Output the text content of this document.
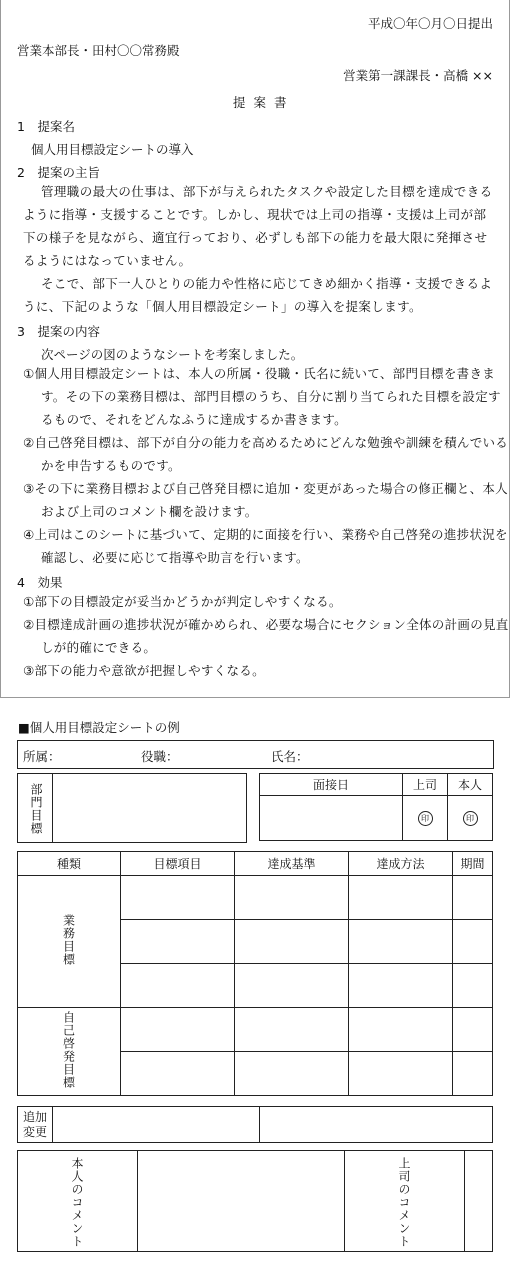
平成〇年〇月〇日提出
営業本部長・田村〇〇常務殿
営業第一課課長・高橋 ××
提 案 書
1　提案名
個人用目標設定シートの導入
2　提案の主旨
管理職の最大の仕事は、部下が与えられたタスクや設定した目標を達成できるように指導・支援することです。しかし、現状では上司の指導・支援は上司が部下の様子を見ながら、適宜行っており、必ずしも部下の能力を最大限に発揮させるようにはなっていません。
そこで、部下一人ひとりの能力や性格に応じてきめ細かく指導・支援できるように、下記のような「個人用目標設定シート」の導入を提案します。
3　提案の内容
次ページの図のようなシートを考案しました。
①個人用目標設定シートは、本人の所属・役職・氏名に続いて、部門目標を書きます。その下の業務目標は、部門目標のうち、自分に割り当てられた目標を設定するもので、それをどんなふうに達成するか書きます。
②自己啓発目標は、部下が自分の能力を高めるためにどんな勉強や訓練を積んでいるかを申告するものです。
③その下に業務目標および自己啓発目標に追加・変更があった場合の修正欄と、本人および上司のコメント欄を設けます。
④上司はこのシートに基づいて、定期的に面接を行い、業務や自己啓発の進捗状況を確認し、必要に応じて指導や助言を行います。
4　効果
①部下の目標設定が妥当かどうかが判定しやすくなる。
②目標達成計画の進捗状況が確かめられ、必要な場合にセクション全体の計画の見直しが的確にできる。
③部下の能力や意欲が把握しやすくなる。
■個人用目標設定シートの例
所属：	役職：	氏名：
部門目標	面接日	上司	本人
	印	印
種類	目標項目	達成基準	達成方法	期間
業務目標				

自己啓発目標				

追加
変更

本人のコメント		上司のコメント	
